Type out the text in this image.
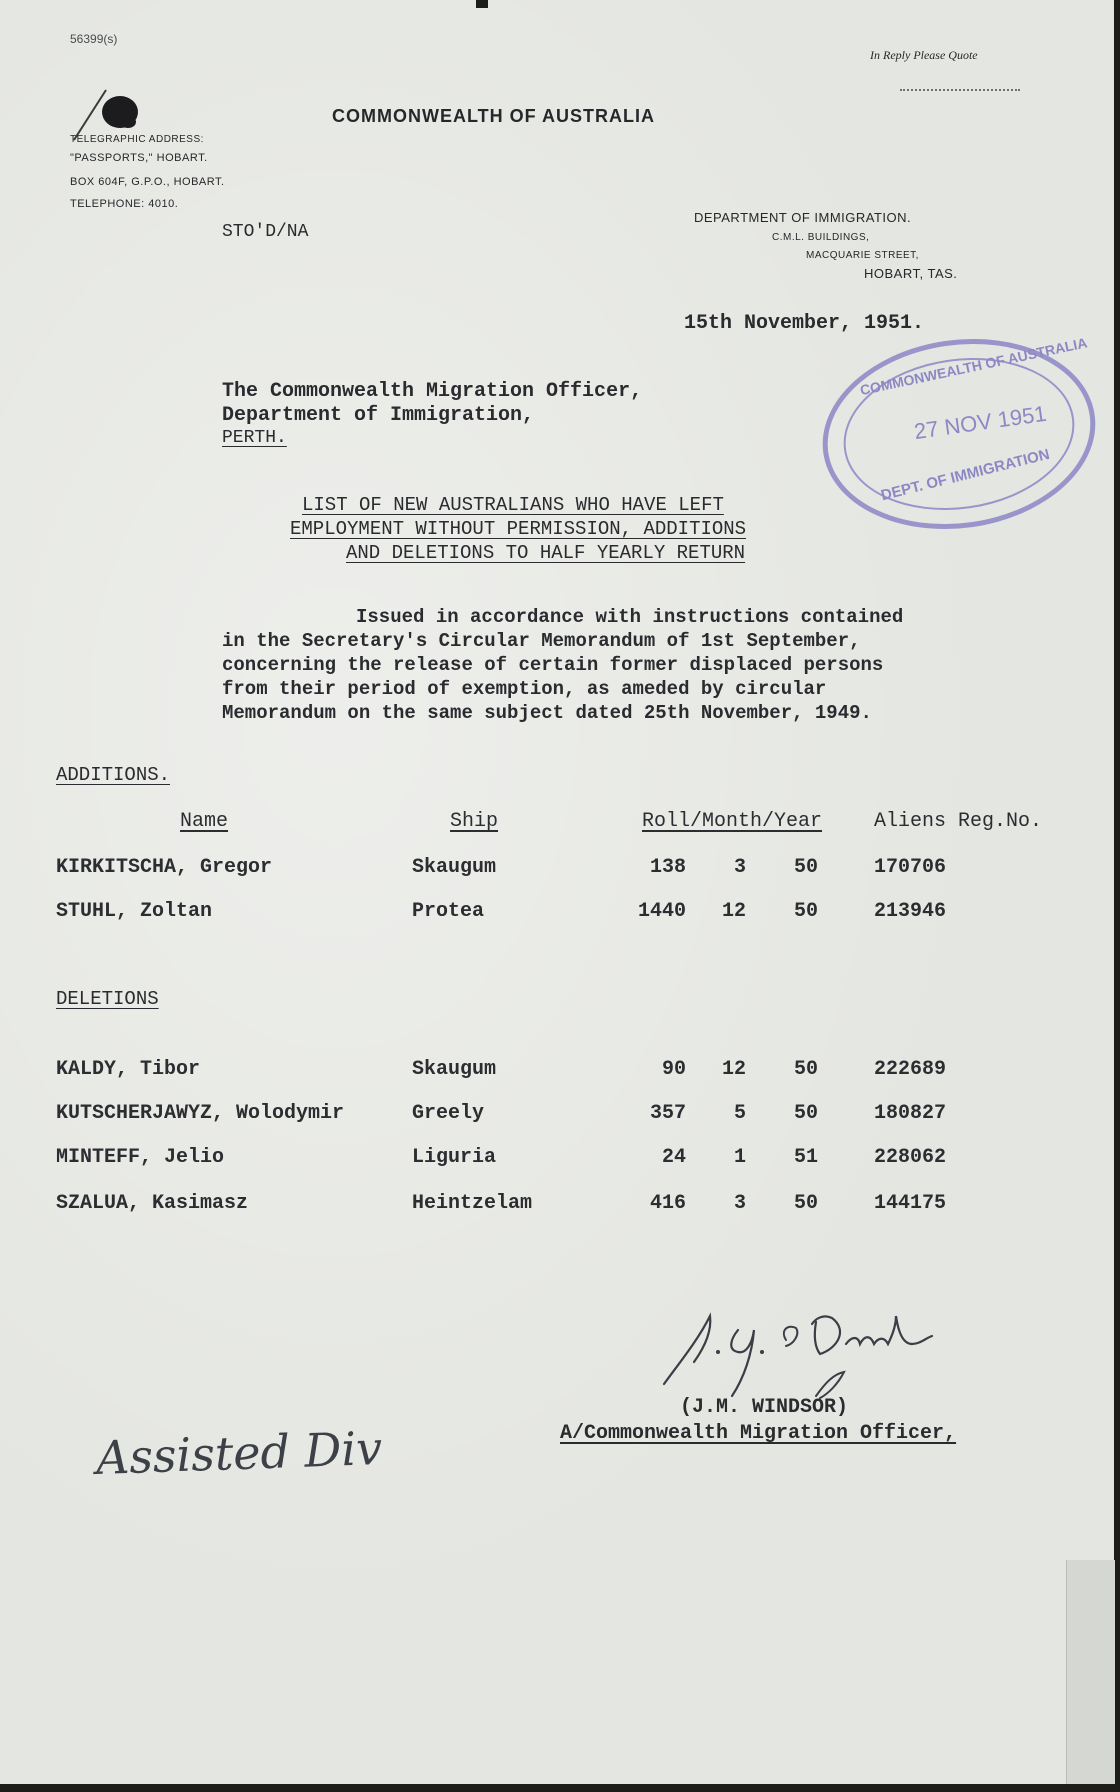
56399(s)
In Reply Please Quote
COMMONWEALTH OF AUSTRALIA
TELEGRAPHIC ADDRESS:
"PASSPORTS," HOBART.
BOX 604F, G.P.O., HOBART.
TELEPHONE: 4010.
STO'D/NA
DEPARTMENT OF IMMIGRATION.
C.M.L. BUILDINGS,
MACQUARIE STREET,
HOBART, TAS.
15th November, 1951.
The Commonwealth Migration Officer,
Department of Immigration,
PERTH.
COMMONWEALTH OF AUSTRALIA
27 NOV 1951
DEPT. OF IMMIGRATION
LIST OF NEW AUSTRALIANS WHO HAVE LEFT
EMPLOYMENT WITHOUT PERMISSION, ADDITIONS
AND DELETIONS TO HALF YEARLY RETURN
Issued in accordance with instructions contained
in the Secretary's Circular Memorandum of 1st September,
concerning the release of certain former displaced persons
from their period of exemption, as ameded by circular
Memorandum on the same subject dated 25th November, 1949.
ADDITIONS.
Name	Ship	Roll/Month/Year	Aliens Reg.No.
KIRKITSCHA, Gregor	Skaugum	138	3 50	170706
STUHL, Zoltan	Protea	1440	12 50	213946
DELETIONS
KALDY, Tibor	Skaugum	90	12 50	222689
KUTSCHERJAWYZ, Wolodymir	Greely	357	5 50	180827
MINTEFF, Jelio	Liguria	24	1 51	228062
SZALUA, Kasimasz	Heintzelam	416	3 50	144175
(J.M. WINDSOR)
A/Commonwealth Migration Officer,
Assisted Div
